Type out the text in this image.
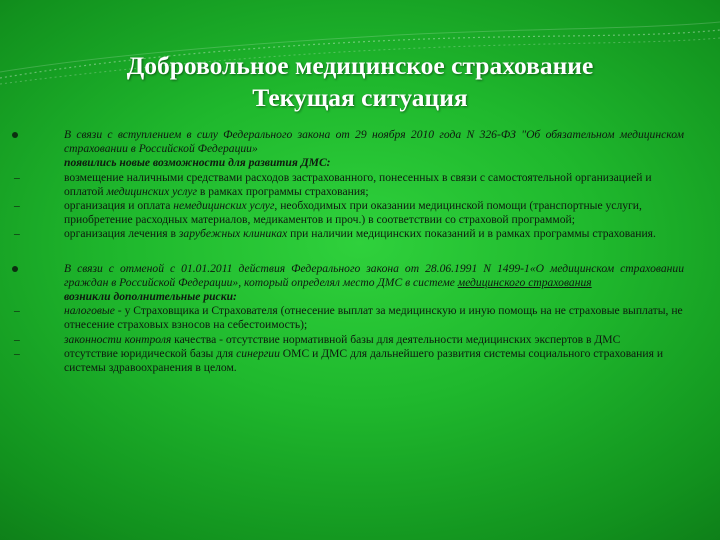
Добровольное медицинское страхование
Текущая ситуация
В связи с вступлением в силу Федерального закона от 29 ноября 2010 года N 326-ФЗ "Об обязательном медицинском страховании в Российской Федерации»
появились новые возможности для развития ДМС:
–	возмещение наличными средствами расходов застрахованного, понесенных в связи с самостоятельной организацией и оплатой медицинских услуг в рамках программы страхования;
–	организация и оплата немедицинских услуг, необходимых при оказании медицинской помощи (транспортные услуги, приобретение расходных материалов, медикаментов и проч.) в соответствии со страховой программой;
–	организация лечения в зарубежных клиниках при наличии медицинских показаний и в рамках программы страхования.
В связи с отменой с 01.01.2011 действия Федерального закона от 28.06.1991 N 1499-1«О медицинском страховании граждан в Российской Федерации», который определял место ДМС в системе медицинского страхования
возникли дополнительные риски:
–	налоговые - у Страховщика и Страхователя (отнесение выплат за медицинскую и иную помощь на не страховые выплаты, не отнесение страховых взносов на себестоимость);
–	законности контроля качества - отсутствие нормативной базы для деятельности медицинских экспертов в ДМС
–	отсутствие юридической базы для синергии ОМС и ДМС для дальнейшего развития системы социального страхования и системы здравоохранения в целом.
